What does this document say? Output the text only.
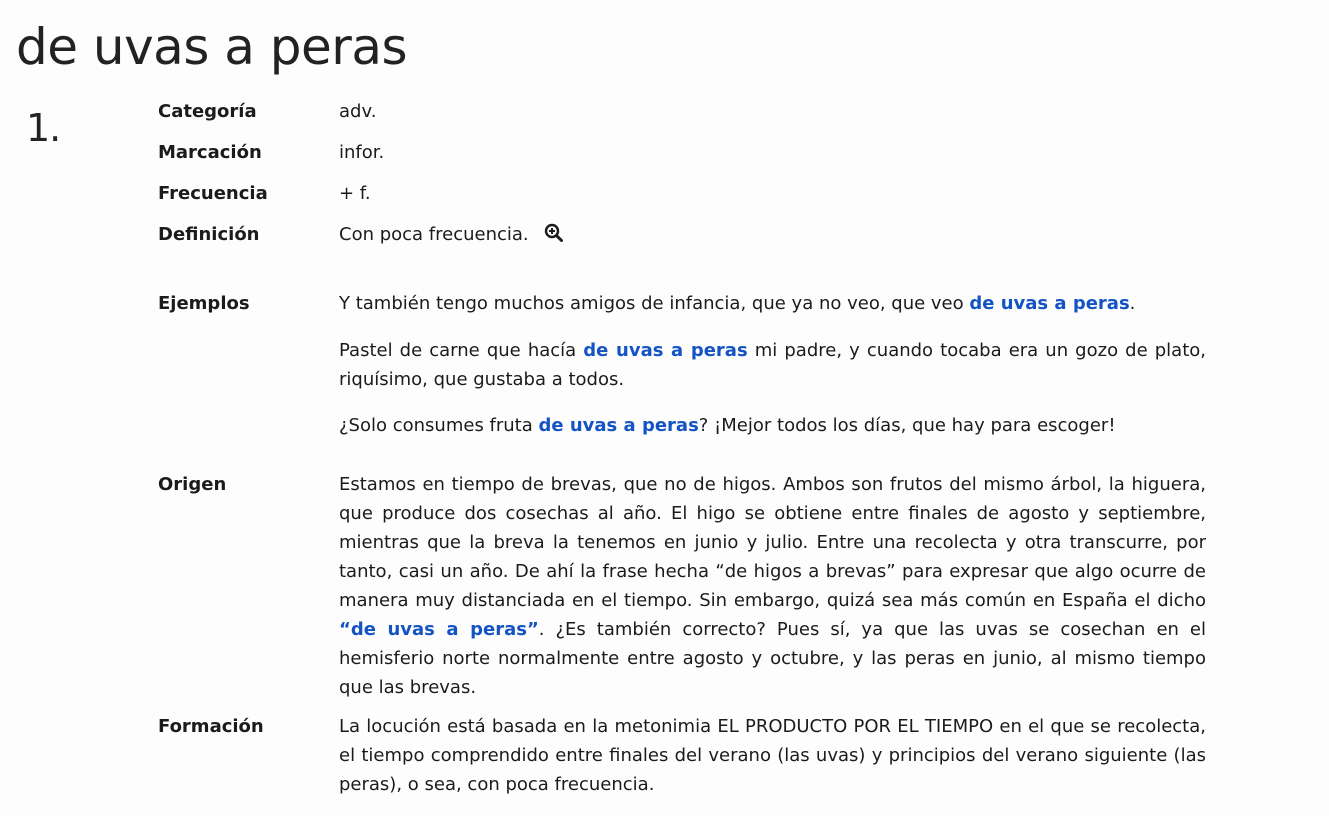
de uvas a peras
1.	Categoría	adv.
Marcación	infor.
Frecuencia	+ f.
Definición	Con poca frecuencia.
Ejemplos	Y también tengo muchos amigos de infancia, que ya no veo, que veo de uvas a peras.

Pastel de carne que hacía de uvas a peras mi padre, y cuando tocaba era un gozo de plato, riquísimo, que gustaba a todos.

¿Solo consumes fruta de uvas a peras? ¡Mejor todos los días, que hay para escoger!

Origen	Estamos en tiempo de brevas, que no de higos. Ambos son frutos del mismo árbol, la higuera, que produce dos cosechas al año. El higo se obtiene entre finales de agosto y septiembre, mientras que la breva la tenemos en junio y julio. Entre una recolecta y otra transcurre, por tanto, casi un año. De ahí la frase hecha “de higos a brevas” para expresar que algo ocurre de manera muy distanciada en el tiempo. Sin embargo, quizá sea más común en España el dicho “de uvas a peras”. ¿Es también correcto? Pues sí, ya que las uvas se cosechan en el hemisferio norte normalmente entre agosto y octubre, y las peras en junio, al mismo tiempo que las brevas.

Formación	La locución está basada en la metonimia EL PRODUCTO POR EL TIEMPO en el que se recolecta, el tiempo comprendido entre finales del verano (las uvas) y principios del verano siguiente (las peras), o sea, con poca frecuencia.
